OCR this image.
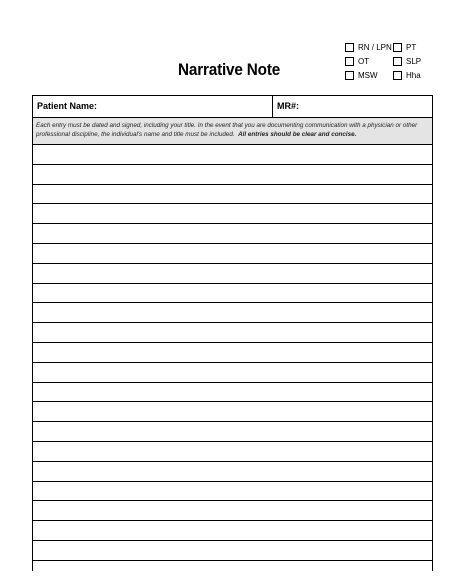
Narrative Note
RN / LPN PT
OT	SLP
MSW	Hha
Patient Name:	MR#:
Each entry must be dated and signed, including your title. In the event that you are documenting communication with a physician or other professional discipline, the individual's name and title must be included. All entries should be clear and concise.
